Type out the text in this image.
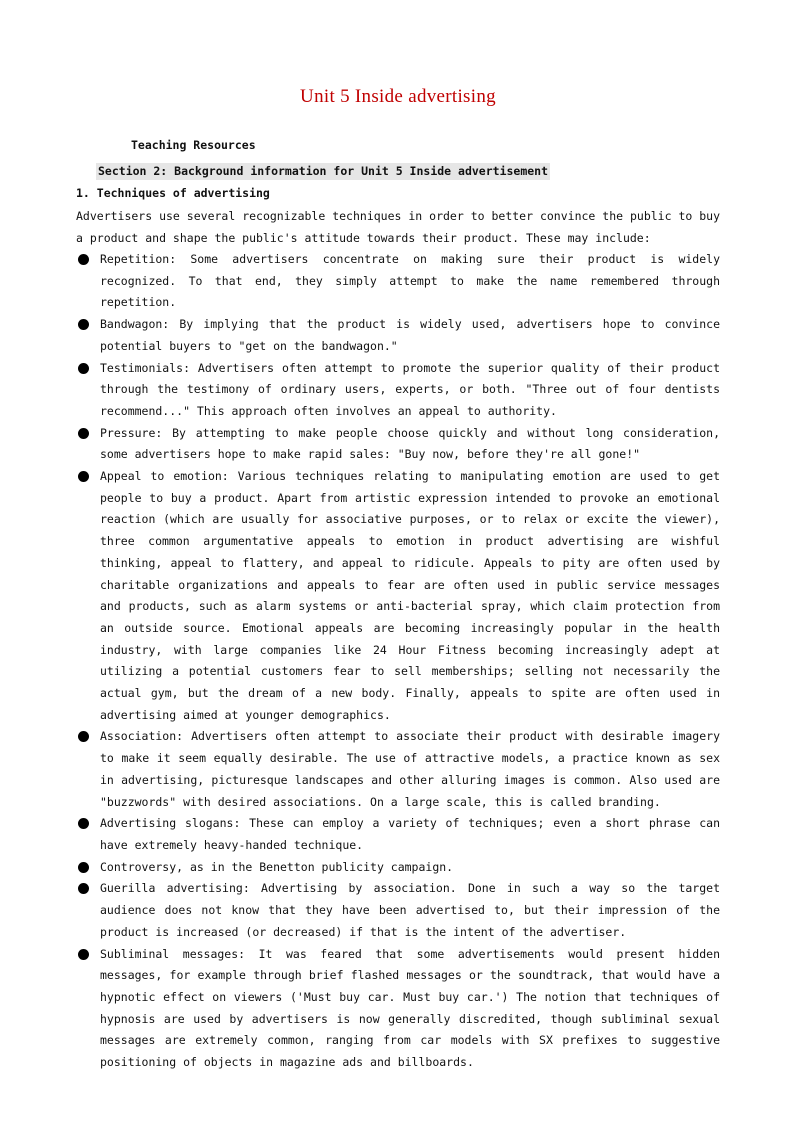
Unit 5 Inside advertising
Teaching Resources
Section 2: Background information for Unit 5 Inside advertisement
1. Techniques of advertising

Advertisers use several recognizable techniques in order to better convince the public to buy a product and shape the public's attitude towards their product. These may include:

Repetition: Some advertisers concentrate on making sure their product is widely recognized. To that end, they simply attempt to make the name remembered through repetition.
Bandwagon: By implying that the product is widely used, advertisers hope to convince potential buyers to "get on the bandwagon."
Testimonials: Advertisers often attempt to promote the superior quality of their product through the testimony of ordinary users, experts, or both. "Three out of four dentists recommend..." This approach often involves an appeal to authority.
Pressure: By attempting to make people choose quickly and without long consideration, some advertisers hope to make rapid sales: "Buy now, before they're all gone!"
Appeal to emotion: Various techniques relating to manipulating emotion are used to get people to buy a product. Apart from artistic expression intended to provoke an emotional reaction (which are usually for associative purposes, or to relax or excite the viewer), three common argumentative appeals to emotion in product advertising are wishful thinking, appeal to flattery, and appeal to ridicule. Appeals to pity are often used by charitable organizations and appeals to fear are often used in public service messages and products, such as alarm systems or anti-bacterial spray, which claim protection from an outside source. Emotional appeals are becoming increasingly popular in the health industry, with large companies like 24 Hour Fitness becoming increasingly adept at utilizing a potential customers fear to sell memberships; selling not necessarily the actual gym, but the dream of a new body. Finally, appeals to spite are often used in advertising aimed at younger demographics.
Association: Advertisers often attempt to associate their product with desirable imagery to make it seem equally desirable. The use of attractive models, a practice known as sex in advertising, picturesque landscapes and other alluring images is common. Also used are "buzzwords" with desired associations. On a large scale, this is called branding.
Advertising slogans: These can employ a variety of techniques; even a short phrase can have extremely heavy-handed technique.
Controversy, as in the Benetton publicity campaign.
Guerilla advertising: Advertising by association. Done in such a way so the target audience does not know that they have been advertised to, but their impression of the product is increased (or decreased) if that is the intent of the advertiser.
Subliminal messages: It was feared that some advertisements would present hidden messages, for example through brief flashed messages or the soundtrack, that would have a hypnotic effect on viewers ('Must buy car. Must buy car.') The notion that techniques of hypnosis are used by advertisers is now generally discredited, though subliminal sexual messages are extremely common, ranging from car models with SX prefixes to suggestive positioning of objects in magazine ads and billboards.
